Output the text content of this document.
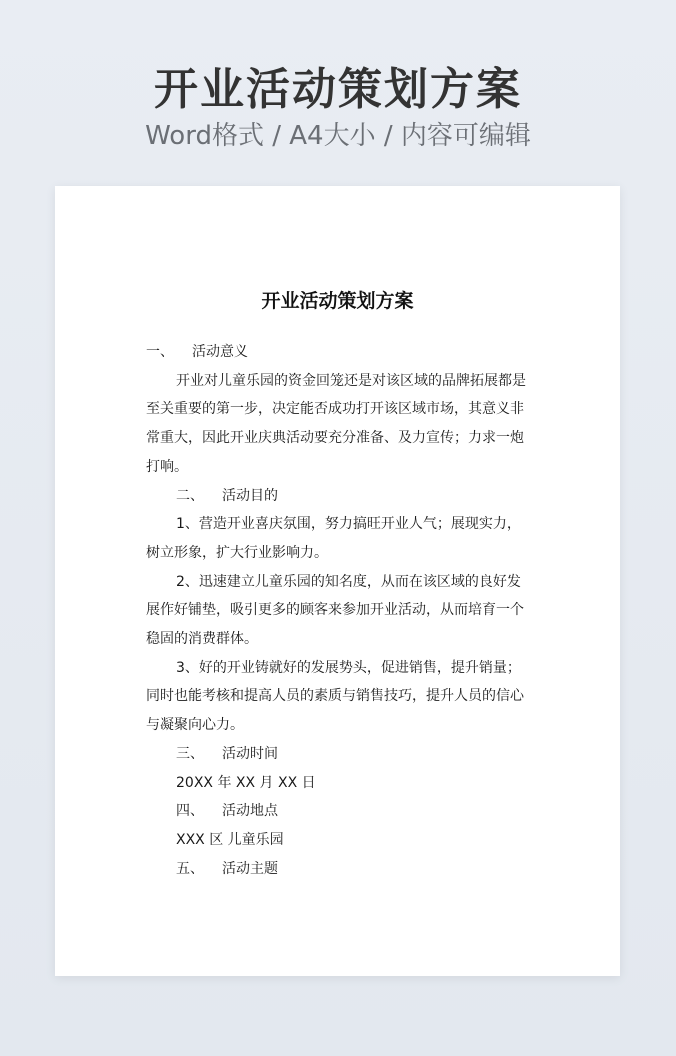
开业活动策划方案
Word格式 / A4大小 / 内容可编辑
开业活动策划方案

一、 活动意义

开业对儿童乐园的资金回笼还是对该区域的品牌拓展都是至关重要的第一步，决定能否成功打开该区域市场，其意义非常重大，因此开业庆典活动要充分准备、及力宣传；力求一炮打响。

二、 活动目的

1、营造开业喜庆氛围，努力搞旺开业人气；展现实力，树立形象，扩大行业影响力。

2、迅速建立儿童乐园的知名度，从而在该区域的良好发展作好铺垫，吸引更多的顾客来参加开业活动，从而培育一个稳固的消费群体。

3、好的开业铸就好的发展势头，促进销售，提升销量；同时也能考核和提高人员的素质与销售技巧，提升人员的信心与凝聚向心力。

三、 活动时间

20XX 年 XX 月 XX 日

四、 活动地点

XXX 区 儿童乐园

五、 活动主题
